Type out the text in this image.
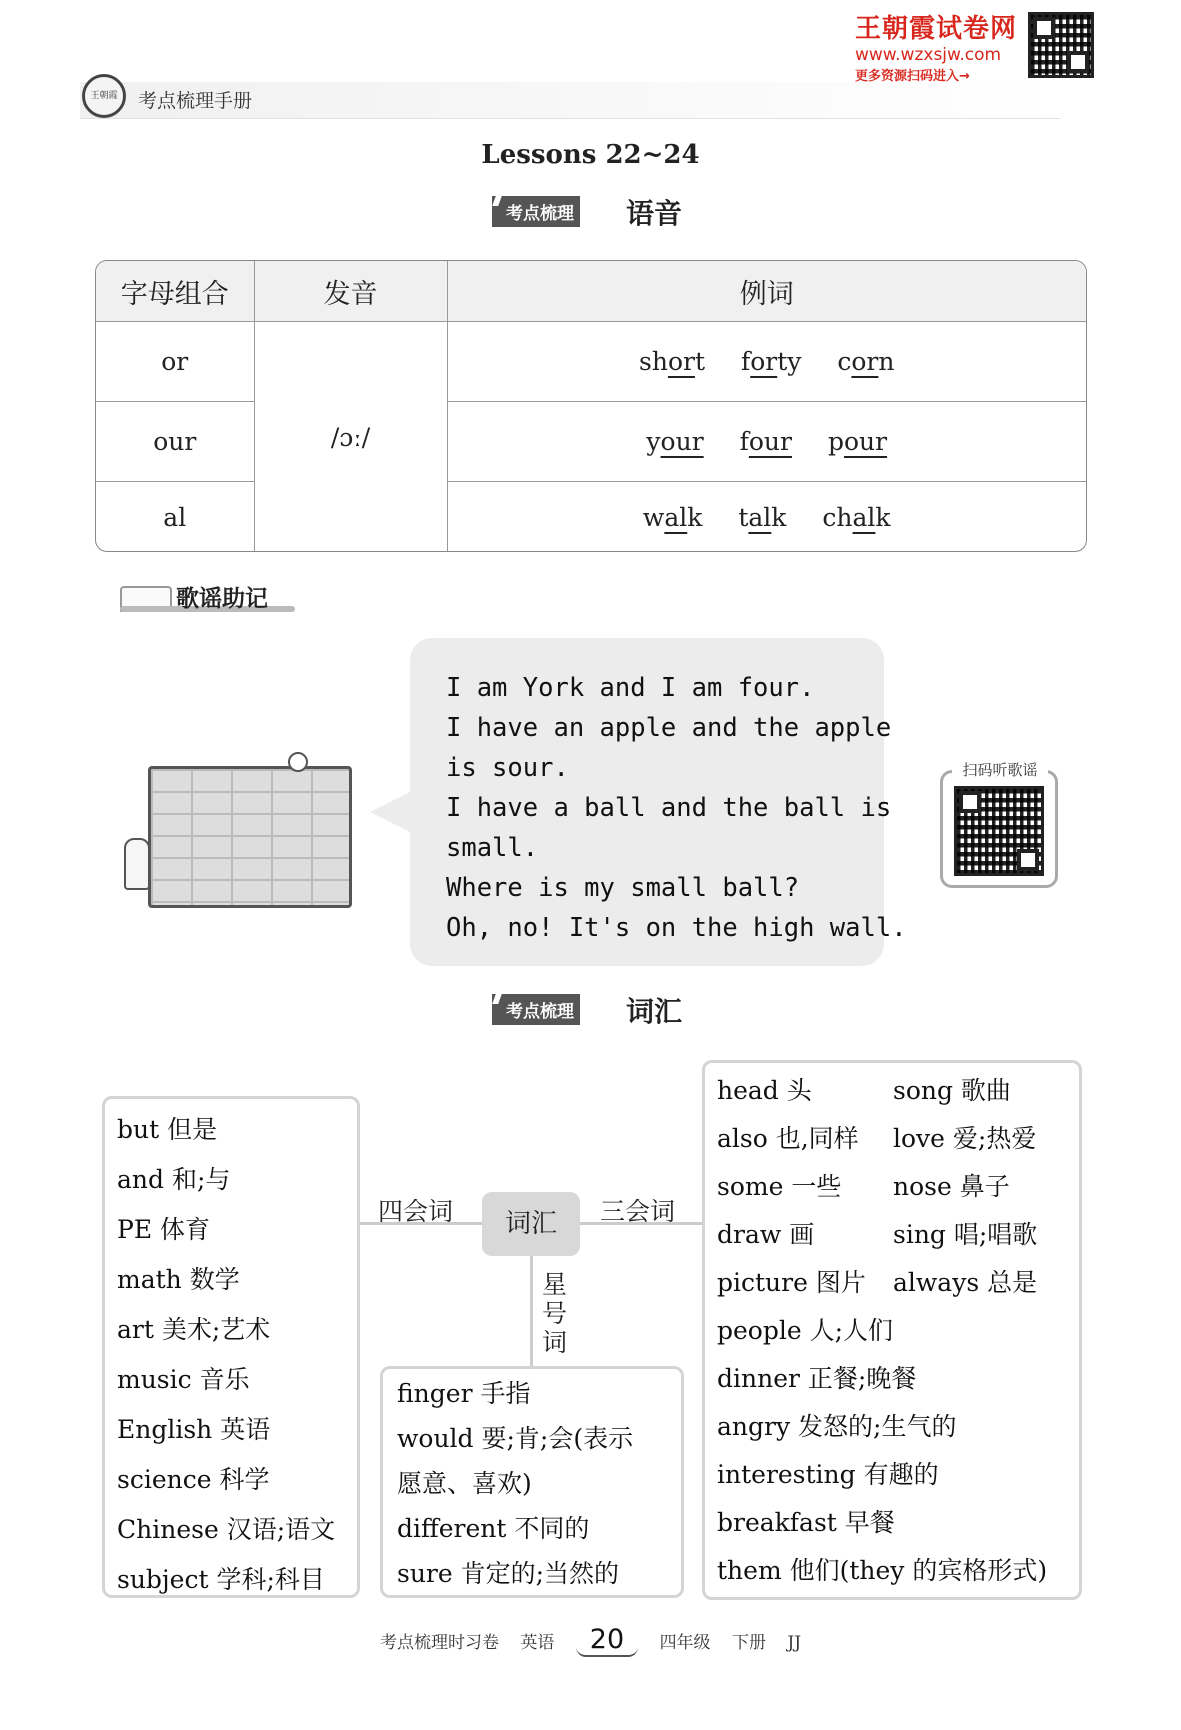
王朝霞	考点梳理手册
王朝霞试卷网
www.wzxsjw.com
更多资源扫码进入→
Lessons 22~24
考点梳理 语音
字母组合	发音	例词
or	/ɔː/	short forty corn
our		your four pour
al		walk talk chalk
歌谣助记
I am York and I am four.
I have an apple and the apple
is sour.
I have a ball and the ball is
small.
Where is my small ball?
Oh, no! It's on the high wall.
扫码听歌谣
考点梳理 词汇
词汇
四会词	三会词
星号词
but 但是
and 和;与
PE 体育
math 数学
art 美术;艺术
music 音乐
English 英语
science 科学
Chinese 汉语;语文
subject 学科;科目
finger 手指
would 要;肯;会(表示
愿意、喜欢)
different 不同的
sure 肯定的;当然的
head 头	song 歌曲
also 也,同样 love 爱;热爱
some 一些 nose 鼻子
draw 画	sing 唱;唱歌
picture 图片 always 总是
people 人;人们
dinner 正餐;晚餐
angry 发怒的;生气的
interesting 有趣的
breakfast 早餐
them 他们(they 的宾格形式)
考点梳理时习卷 英语 20 四年级 下册 JJ
